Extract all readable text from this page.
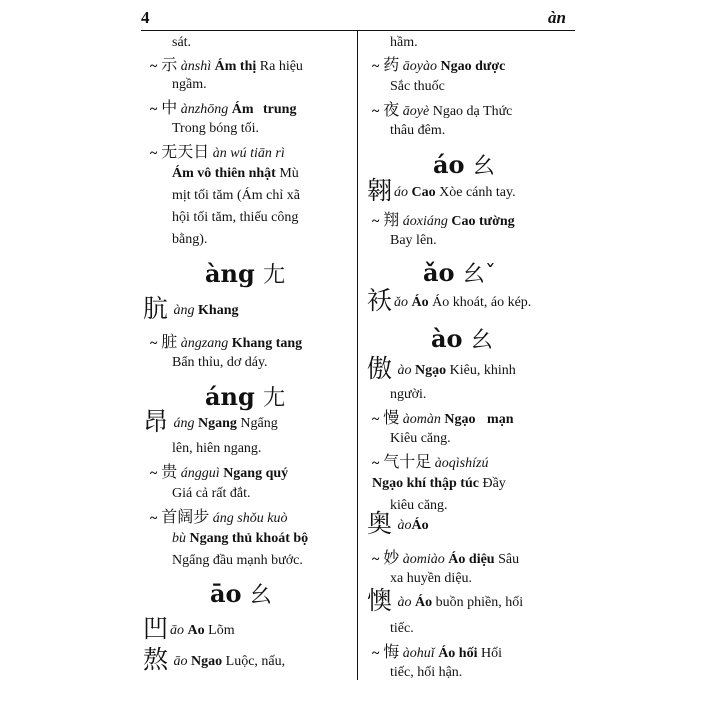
4	àn
sát.
~ 示 ànshì Ám thị Ra hiệu
ngầm.
~ 中 ànzhōng Ám trung
Trong bóng tối.
~ 无天日 àn wú tiān rì
Ám vô thiên nhật Mù
mịt tối tăm (Ám chỉ xã
hội tối tăm, thiếu công
bằng).
àng 尢
肮 àng Khang
~ 脏 àngzang Khang tang
Bẩn thỉu, dơ dáy.
áng 尢
昂 áng Ngang Ngẩng
lên, hiên ngang.
~ 贵 ángguì Ngang quý
Giá cả rất đắt.
~ 首阔步 áng shǒu kuò
bù Ngang thủ khoát bộ
Ngẩng đầu mạnh bước.
āo 幺
凹āo Ao Lõm
熬 āo Ngao Luộc, nấu,
hầm.
~ 药 āoyào Ngao dược
Sắc thuốc
~ 夜 āoyè Ngao dạ Thức
thâu đêm.
áo 幺
翱áo Cao Xòe cánh tay.
~ 翔 áoxiáng Cao tường
Bay lên.
ǎo 幺ˇ
袄ǎo Áo Áo khoát, áo kép.
ào 幺
傲 ào Ngạo Kiêu, khinh
người.
~ 慢 àomàn Ngạo mạn
Kiêu căng.
~ 气十足 àoqìshízú
Ngạo khí thập túc Đầy
kiêu căng.
奥 àoÁo
~ 妙 àomiào Áo diệu Sâu
xa huyền diệu.
懊 ào Áo buồn phiền, hối
tiếc.
~ 悔 àohuǐ Áo hối Hối
tiếc, hối hận.
